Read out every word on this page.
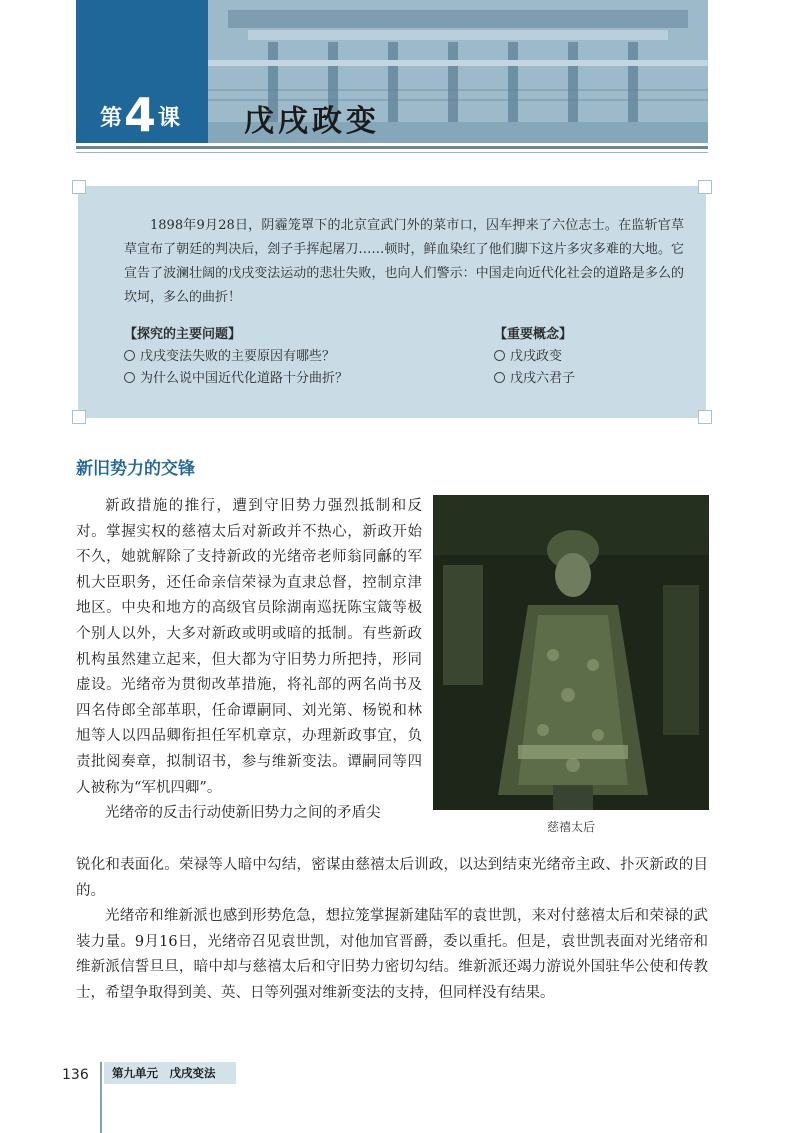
第4课 戊戌政变
1898年9月28日，阴霾笼罩下的北京宣武门外的菜市口，囚车押来了六位志士。在监斩官草草宣布了朝廷的判决后，刽子手挥起屠刀……顿时，鲜血染红了他们脚下这片多灾多难的大地。它宣告了波澜壮阔的戊戌变法运动的悲壮失败，也向人们警示：中国走向近代化社会的道路是多么的坎坷，多么的曲折！
【探究的主要问题】
戊戌变法失败的主要原因有哪些？
为什么说中国近代化道路十分曲折？
【重要概念】
戊戌政变
戊戌六君子
新旧势力的交锋
新政措施的推行，遭到守旧势力强烈抵制和反对。掌握实权的慈禧太后对新政并不热心，新政开始不久，她就解除了支持新政的光绪帝老师翁同龢的军机大臣职务，还任命亲信荣禄为直隶总督，控制京津地区。中央和地方的高级官员除湖南巡抚陈宝箴等极个别人以外，大多对新政或明或暗的抵制。有些新政机构虽然建立起来，但大都为守旧势力所把持，形同虚设。光绪帝为贯彻改革措施，将礼部的两名尚书及四名侍郎全部革职，任命谭嗣同、刘光第、杨锐和林旭等人以四品卿衔担任军机章京，办理新政事宜，负责批阅奏章，拟制诏书，参与维新变法。谭嗣同等四人被称为“军机四卿”。
光绪帝的反击行动使新旧势力之间的矛盾尖
慈禧太后
锐化和表面化。荣禄等人暗中勾结，密谋由慈禧太后训政，以达到结束光绪帝主政、扑灭新政的目的。
光绪帝和维新派也感到形势危急，想拉笼掌握新建陆军的袁世凯，来对付慈禧太后和荣禄的武装力量。9月16日，光绪帝召见袁世凯，对他加官晋爵，委以重托。但是，袁世凯表面对光绪帝和维新派信誓旦旦，暗中却与慈禧太后和守旧势力密切勾结。维新派还竭力游说外国驻华公使和传教士，希望争取得到美、英、日等列强对维新变法的支持，但同样没有结果。
136	第九单元　戊戌变法
